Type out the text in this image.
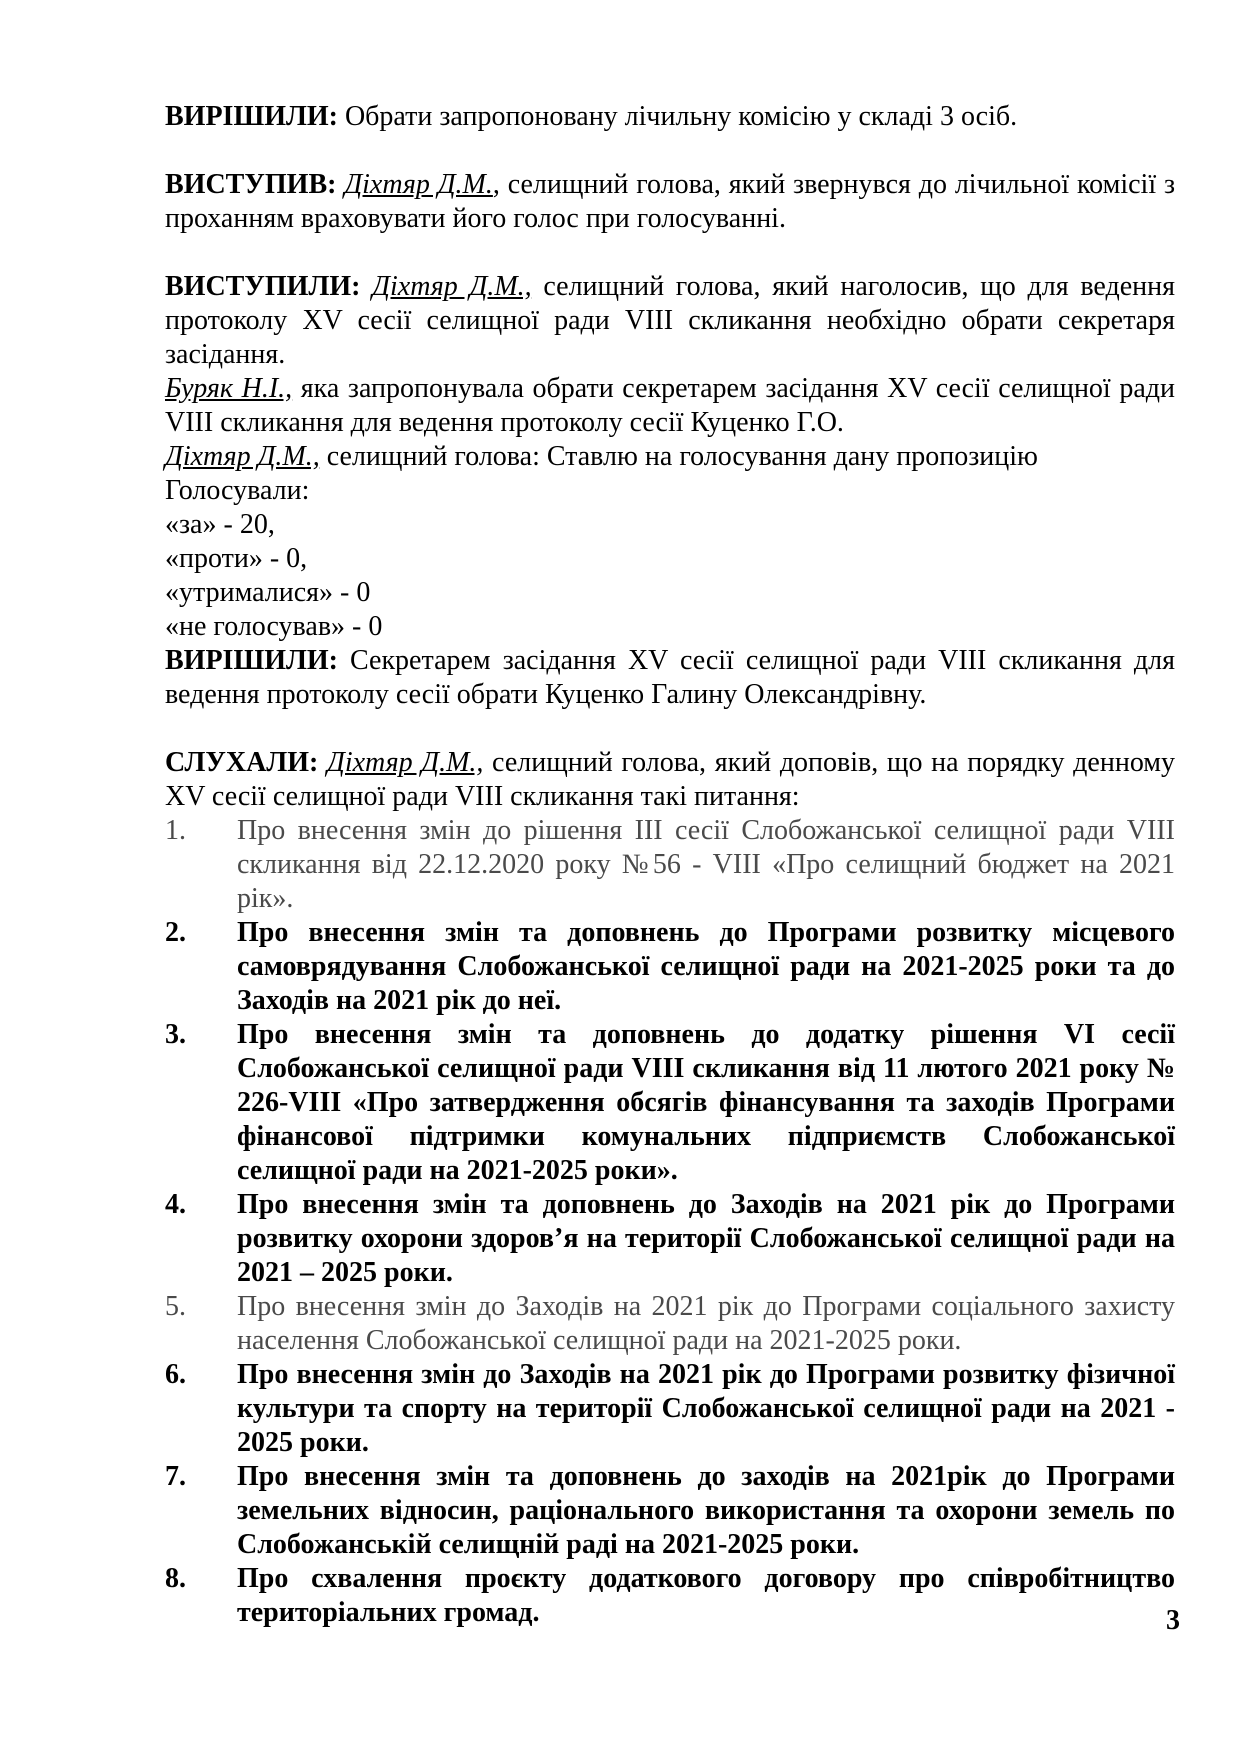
ВИРІШИЛИ: Обрати запропоновану лічильну комісію у складі 3 осіб.

ВИСТУПИВ: Діхтяр Д.М., селищний голова, який звернувся до лічильної комісії з проханням враховувати його голос при голосуванні.

ВИСТУПИЛИ: Діхтяр Д.М., селищний голова, який наголосив, що для ведення протоколу XV сесії селищної ради VIII скликання необхідно обрати секретаря засідання.

Буряк Н.І., яка запропонувала обрати секретарем засідання XV сесії селищної ради VIII скликання для ведення протоколу сесії Куценко Г.О.

Діхтяр Д.М., селищний голова: Ставлю на голосування дану пропозицію

Голосували:

«за» - 20,

«проти» - 0,

«утрималися» - 0

«не голосував» - 0

ВИРІШИЛИ: Секретарем засідання XV сесії селищної ради VIII скликання для ведення протоколу сесії обрати Куценко Галину Олександрівну.

СЛУХАЛИ: Діхтяр Д.М., селищний голова, який доповів, що на порядку денному XV сесії селищної ради VIII скликання такі питання:

1.	Про внесення змін до рішення ІІІ сесії Слобожанської селищної ради VIII скликання від 22.12.2020 року №56 - VIII «Про селищний бюджет на 2021 рік».
2.	Про внесення змін та доповнень до Програми розвитку місцевого самоврядування Слобожанської селищної ради на 2021-2025 роки та до Заходів на 2021 рік до неї.
3.	Про внесення змін та доповнень до додатку рішення VI сесії Слобожанської селищної ради VIII скликання від 11 лютого 2021 року № 226-VIII «Про затвердження обсягів фінансування та заходів Програми фінансової підтримки комунальних підприємств Слобожанської селищної ради на 2021-2025 роки».
4.	Про внесення змін та доповнень до Заходів на 2021 рік до Програми розвитку охорони здоров’я на території Слобожанської селищної ради на 2021 – 2025 роки.
5.	Про внесення змін до Заходів на 2021 рік до Програми соціального захисту населення Слобожанської селищної ради на 2021-2025 роки.
6.	Про внесення змін до Заходів на 2021 рік до Програми розвитку фізичної культури та спорту на території Слобожанської селищної ради на 2021 - 2025 роки.
7.	Про внесення змін та доповнень до заходів на 2021рік до Програми земельних відносин, раціонального використання та охорони земель по Слобожанській селищній раді на 2021-2025 роки.
8.	Про схвалення проєкту додаткового договору про співробітництво територіальних громад.	3
